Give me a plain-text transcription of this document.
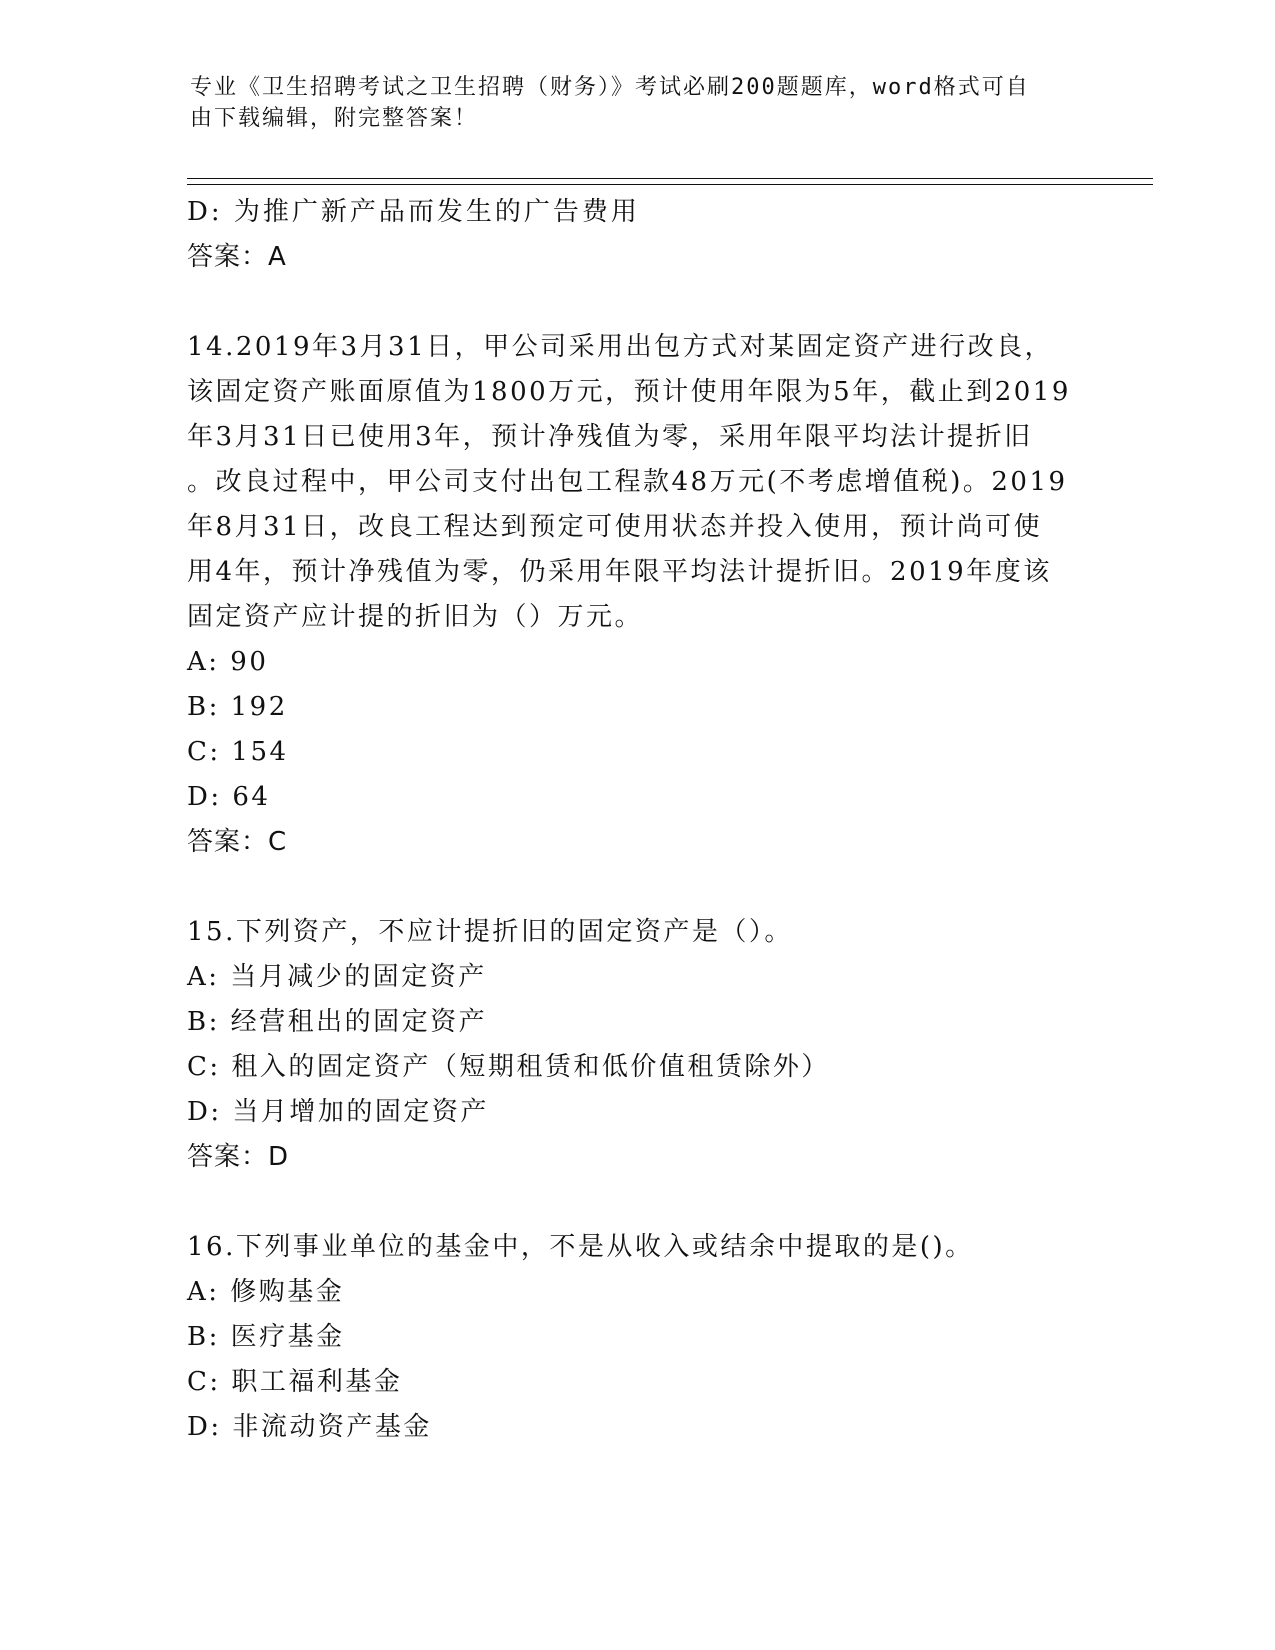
专业《卫生招聘考试之卫生招聘（财务）》考试必刷200题题库，word格式可自
由下载编辑，附完整答案！
D: 为推广新产品而发生的广告费用
答案：A
14.2019年3月31日，甲公司采用出包方式对某固定资产进行改良，
该固定资产账面原值为1800万元，预计使用年限为5年，截止到2019
年3月31日已使用3年，预计净残值为零，采用年限平均法计提折旧
。改良过程中，甲公司支付出包工程款48万元(不考虑增值税)。2019
年8月31日，改良工程达到预定可使用状态并投入使用，预计尚可使
用4年，预计净残值为零，仍采用年限平均法计提折旧。2019年度该
固定资产应计提的折旧为（）万元。
A: 90
B: 192
C: 154
D: 64
答案：C
15.下列资产，不应计提折旧的固定资产是（）。
A: 当月减少的固定资产
B: 经营租出的固定资产
C: 租入的固定资产（短期租赁和低价值租赁除外）
D: 当月增加的固定资产
答案：D
16.下列事业单位的基金中，不是从收入或结余中提取的是()。
A: 修购基金
B: 医疗基金
C: 职工福利基金
D: 非流动资产基金
